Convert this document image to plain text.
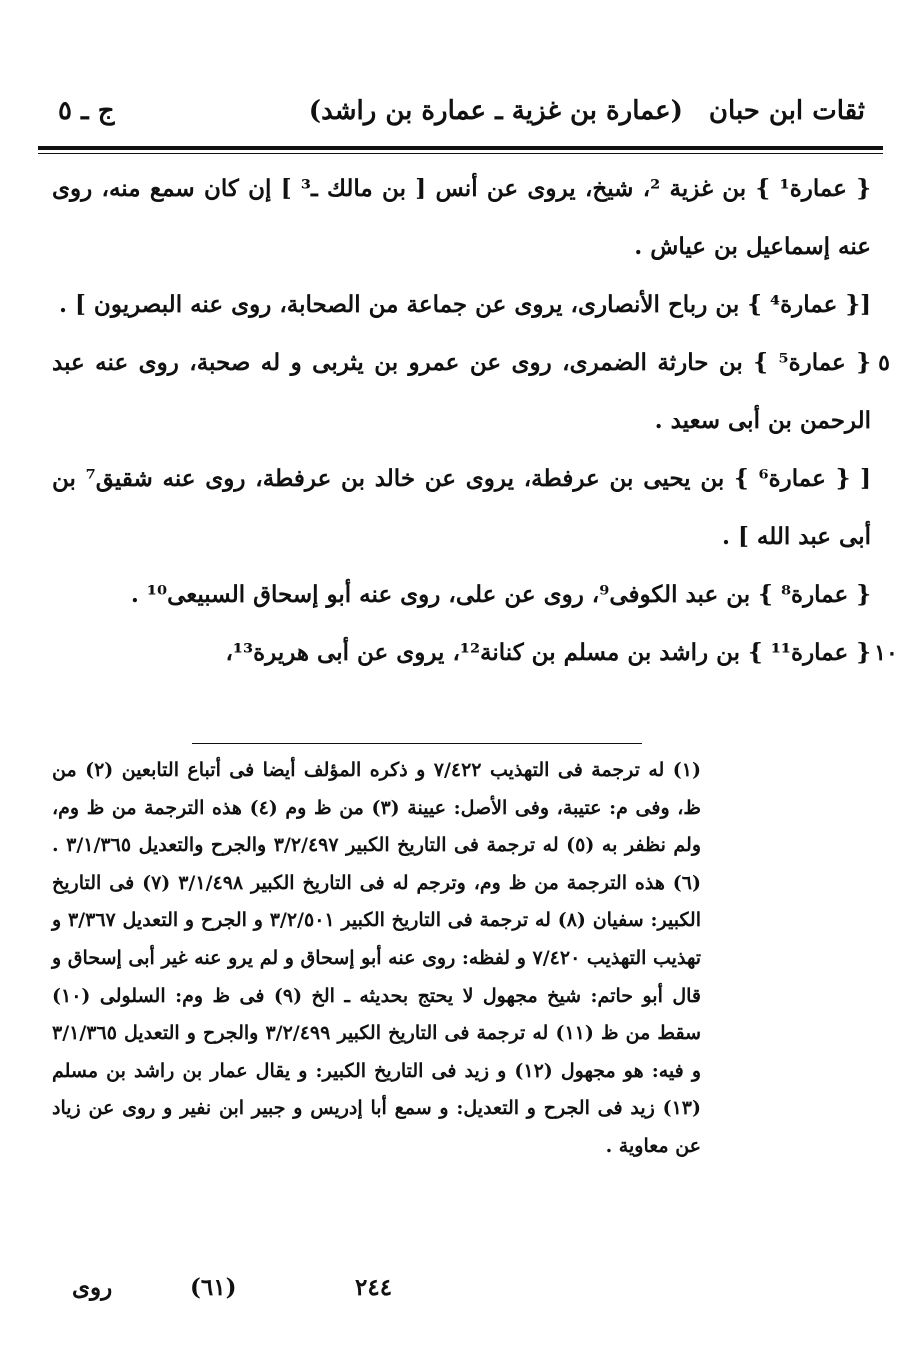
ثقات ابن حبان
(عمارة بن غزية ـ عمارة بن راشد)
ج ـ ٥
{ عمارة¹ } بن غزية ²، شيخ، يروى عن أنس [ بن مالك ـ³ ] إن كان سمع منه، روى عنه إسماعيل بن عياش .
[{ عمارة⁴ } بن رباح الأنصارى، يروى عن جماعة من الصحابة، روى عنه البصريون ] .
٥
{ عمارة⁵ } بن حارثة الضمرى، روى عن عمرو بن يثربى و له صحبة، روى عنه عبد الرحمن بن أبى سعيد .
[ { عمارة⁶ } بن يحيى بن عرفطة، يروى عن خالد بن عرفطة، روى عنه شقيق⁷ بن أبى عبد الله ] .
{ عمارة⁸ } بن عبد الكوفى⁹، روى عن على، روى عنه أبو إسحاق السبيعى¹⁰ .
١٠
{ عمارة¹¹ } بن راشد بن مسلم بن كنانة¹²، يروى عن أبى هريرة¹³،

(١) له ترجمة فى التهذيب ٧/٤٢٢ و ذكره المؤلف أيضا فى أتباع التابعين (٢) من ظ، وفى م: عتيبة، وفى الأصل: عيينة (٣) من ظ وم (٤) هذه الترجمة من ظ وم، ولم نظفر به (٥) له ترجمة فى التاريخ الكبير ٣/٢/٤٩٧ والجرح والتعديل ٣/١/٣٦٥ . (٦) هذه الترجمة من ظ وم، وترجم له فى التاريخ الكبير ٣/١/٤٩٨ (٧) فى التاريخ الكبير: سفيان (٨) له ترجمة فى التاريخ الكبير ٣/٢/٥٠١ و الجرح و التعديل ٣/٣٦٧ و تهذيب التهذيب ٧/٤٢٠ و لفظه: روى عنه أبو إسحاق و لم يرو عنه غير أبى إسحاق و قال أبو حاتم: شيخ مجهول لا يحتج بحديثه ـ الخ (٩) فى ظ وم: السلولى (١٠) سقط من ظ (١١) له ترجمة فى التاريخ الكبير ٣/٢/٤٩٩ والجرح و التعديل ٣/١/٣٦٥ و فيه: هو مجهول (١٢) و زيد فى التاريخ الكبير: و يقال عمار بن راشد بن مسلم (١٣) زيد فى الجرح و التعديل: و سمع أبا إدريس و جبير ابن نفير و روى عن زياد عن معاوية .

روى	(٦١)	٢٤٤
